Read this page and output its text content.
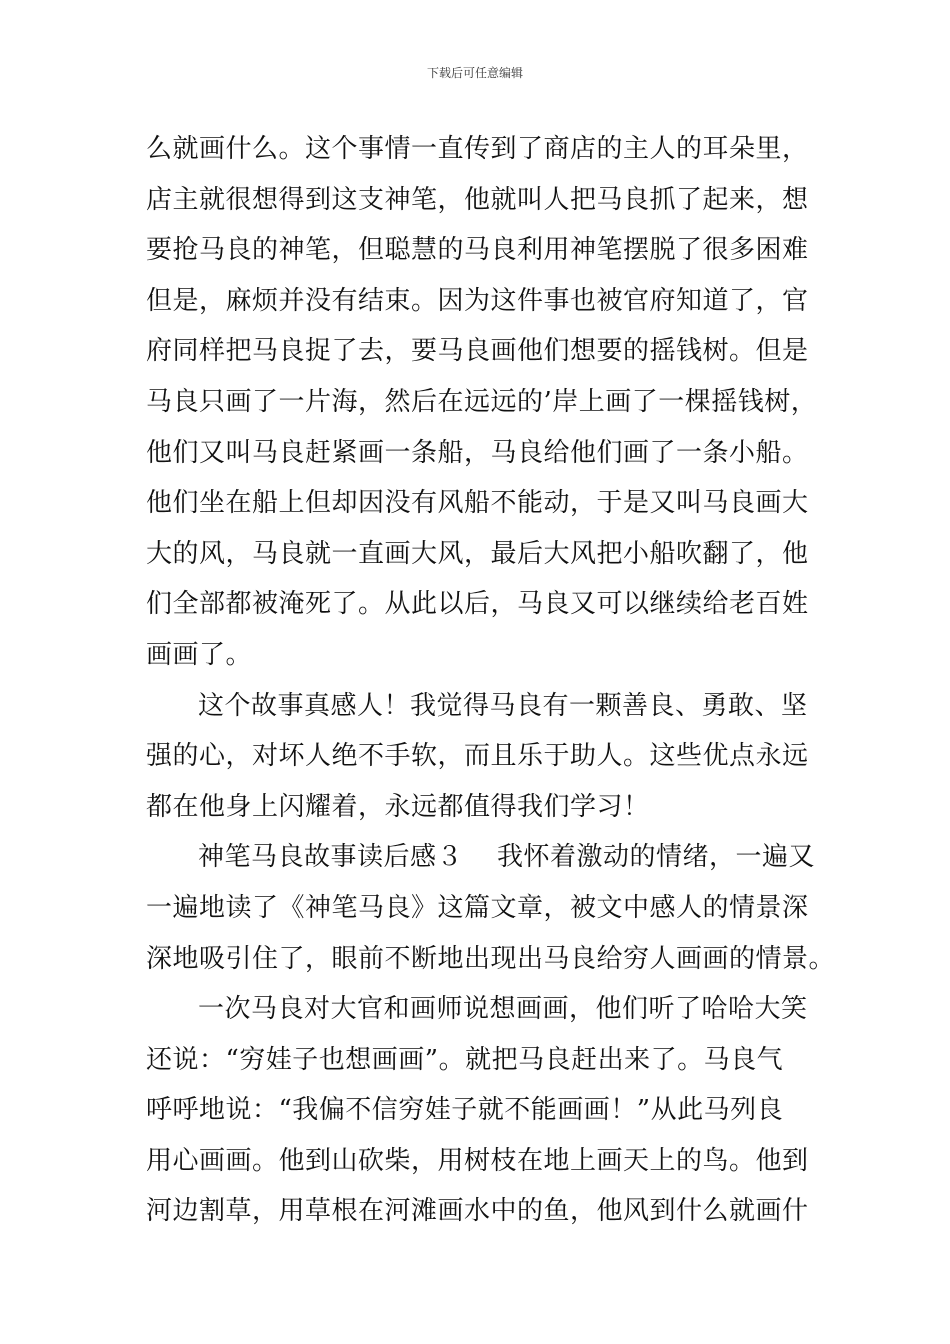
下载后可任意编辑
么就画什么。这个事情一直传到了商店的主人的耳朵里，
店主就很想得到这支神笔，他就叫人把马良抓了起来，想
要抢马良的神笔，但聪慧的马良利用神笔摆脱了很多困难
但是，麻烦并没有结束。因为这件事也被官府知道了，官
府同样把马良捉了去，要马良画他们想要的摇钱树。但是
马良只画了一片海，然后在远远的’岸上画了一棵摇钱树，
他们又叫马良赶紧画一条船，马良给他们画了一条小船。
他们坐在船上但却因没有风船不能动，于是又叫马良画大
大的风，马良就一直画大风，最后大风把小船吹翻了，他
们全部都被淹死了。从此以后，马良又可以继续给老百姓
画画了。
这个故事真感人！我觉得马良有一颗善良、勇敢、坚
强的心，对坏人绝不手软，而且乐于助人。这些优点永远
都在他身上闪耀着，永远都值得我们学习！
神笔马良故事读后感３ 我怀着激动的情绪，一遍又
一遍地读了《神笔马良》这篇文章，被文中感人的情景深
深地吸引住了，眼前不断地出现出马良给穷人画画的情景。
一次马良对大官和画师说想画画，他们听了哈哈大笑
还说：“穷娃子也想画画”。就把马良赶出来了。马良气
呼呼地说：“我偏不信穷娃子就不能画画！”从此马列良
用心画画。他到山砍柴，用树枝在地上画天上的鸟。他到
河边割草，用草根在河滩画水中的鱼，他风到什么就画什
